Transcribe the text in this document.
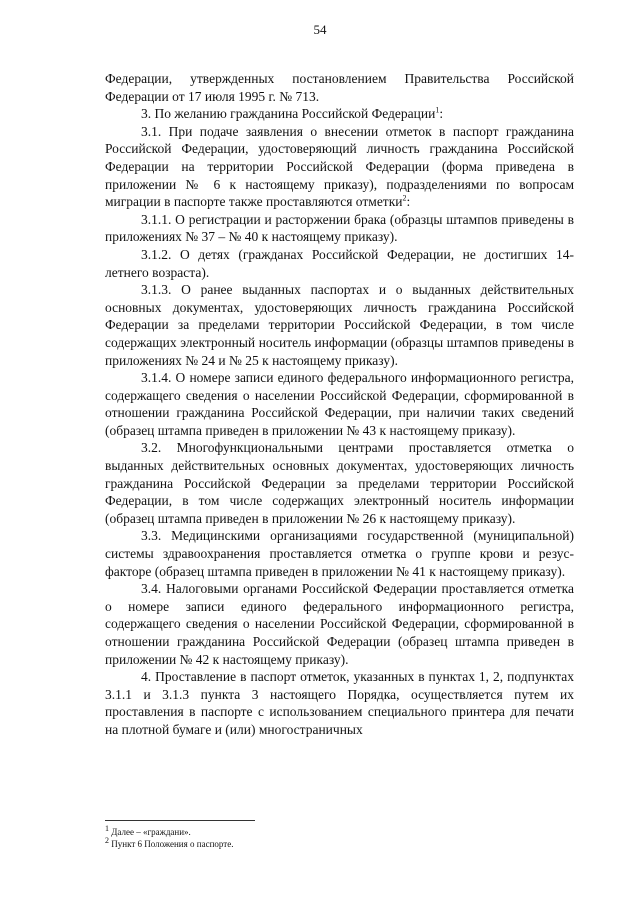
54

Федерации, утвержденных постановлением Правительства Российской Федерации от 17 июля 1995 г. № 713.

3. По желанию гражданина Российской Федерации$^1$:

3.1. При подаче заявления о внесении отметок в паспорт гражданина Российской Федерации, удостоверяющий личность гражданина Российской Федерации на территории Российской Федерации (форма приведена в приложении № 6 к настоящему приказу), подразделениями по вопросам миграции в паспорте также проставляются отметки$^2$:

3.1.1. О регистрации и расторжении брака (образцы штампов приведены в приложениях № 37 – № 40 к настоящему приказу).

3.1.2. О детях (гражданах Российской Федерации, не достигших 14-летнего возраста).

3.1.3. О ранее выданных паспортах и о выданных действительных основных документах, удостоверяющих личность гражданина Российской Федерации за пределами территории Российской Федерации, в том числе содержащих электронный носитель информации (образцы штампов приведены в приложениях № 24 и № 25 к настоящему приказу).

3.1.4. О номере записи единого федерального информационного регистра, содержащего сведения о населении Российской Федерации, сформированной в отношении гражданина Российской Федерации, при наличии таких сведений (образец штампа приведен в приложении № 43 к настоящему приказу).

3.2. Многофункциональными центрами проставляется отметка о выданных действительных основных документах, удостоверяющих личность гражданина Российской Федерации за пределами территории Российской Федерации, в том числе содержащих электронный носитель информации (образец штампа приведен в приложении № 26 к настоящему приказу).

3.3. Медицинскими организациями государственной (муниципальной) системы здравоохранения проставляется отметка о группе крови и резус-факторе (образец штампа приведен в приложении № 41 к настоящему приказу).

3.4. Налоговыми органами Российской Федерации проставляется отметка о номере записи единого федерального информационного регистра, содержащего сведения о населении Российской Федерации, сформированной в отношении гражданина Российской Федерации (образец штампа приведен в приложении № 42 к настоящему приказу).

4. Проставление в паспорт отметок, указанных в пунктах 1, 2, подпунктах 3.1.1 и 3.1.3 пункта 3 настоящего Порядка, осуществляется путем их проставления в паспорте с использованием специального принтера для печати на плотной бумаге и (или) многостраничных

$^1$ Далее – «граждани».
$^2$ Пункт 6 Положения о паспорте.
